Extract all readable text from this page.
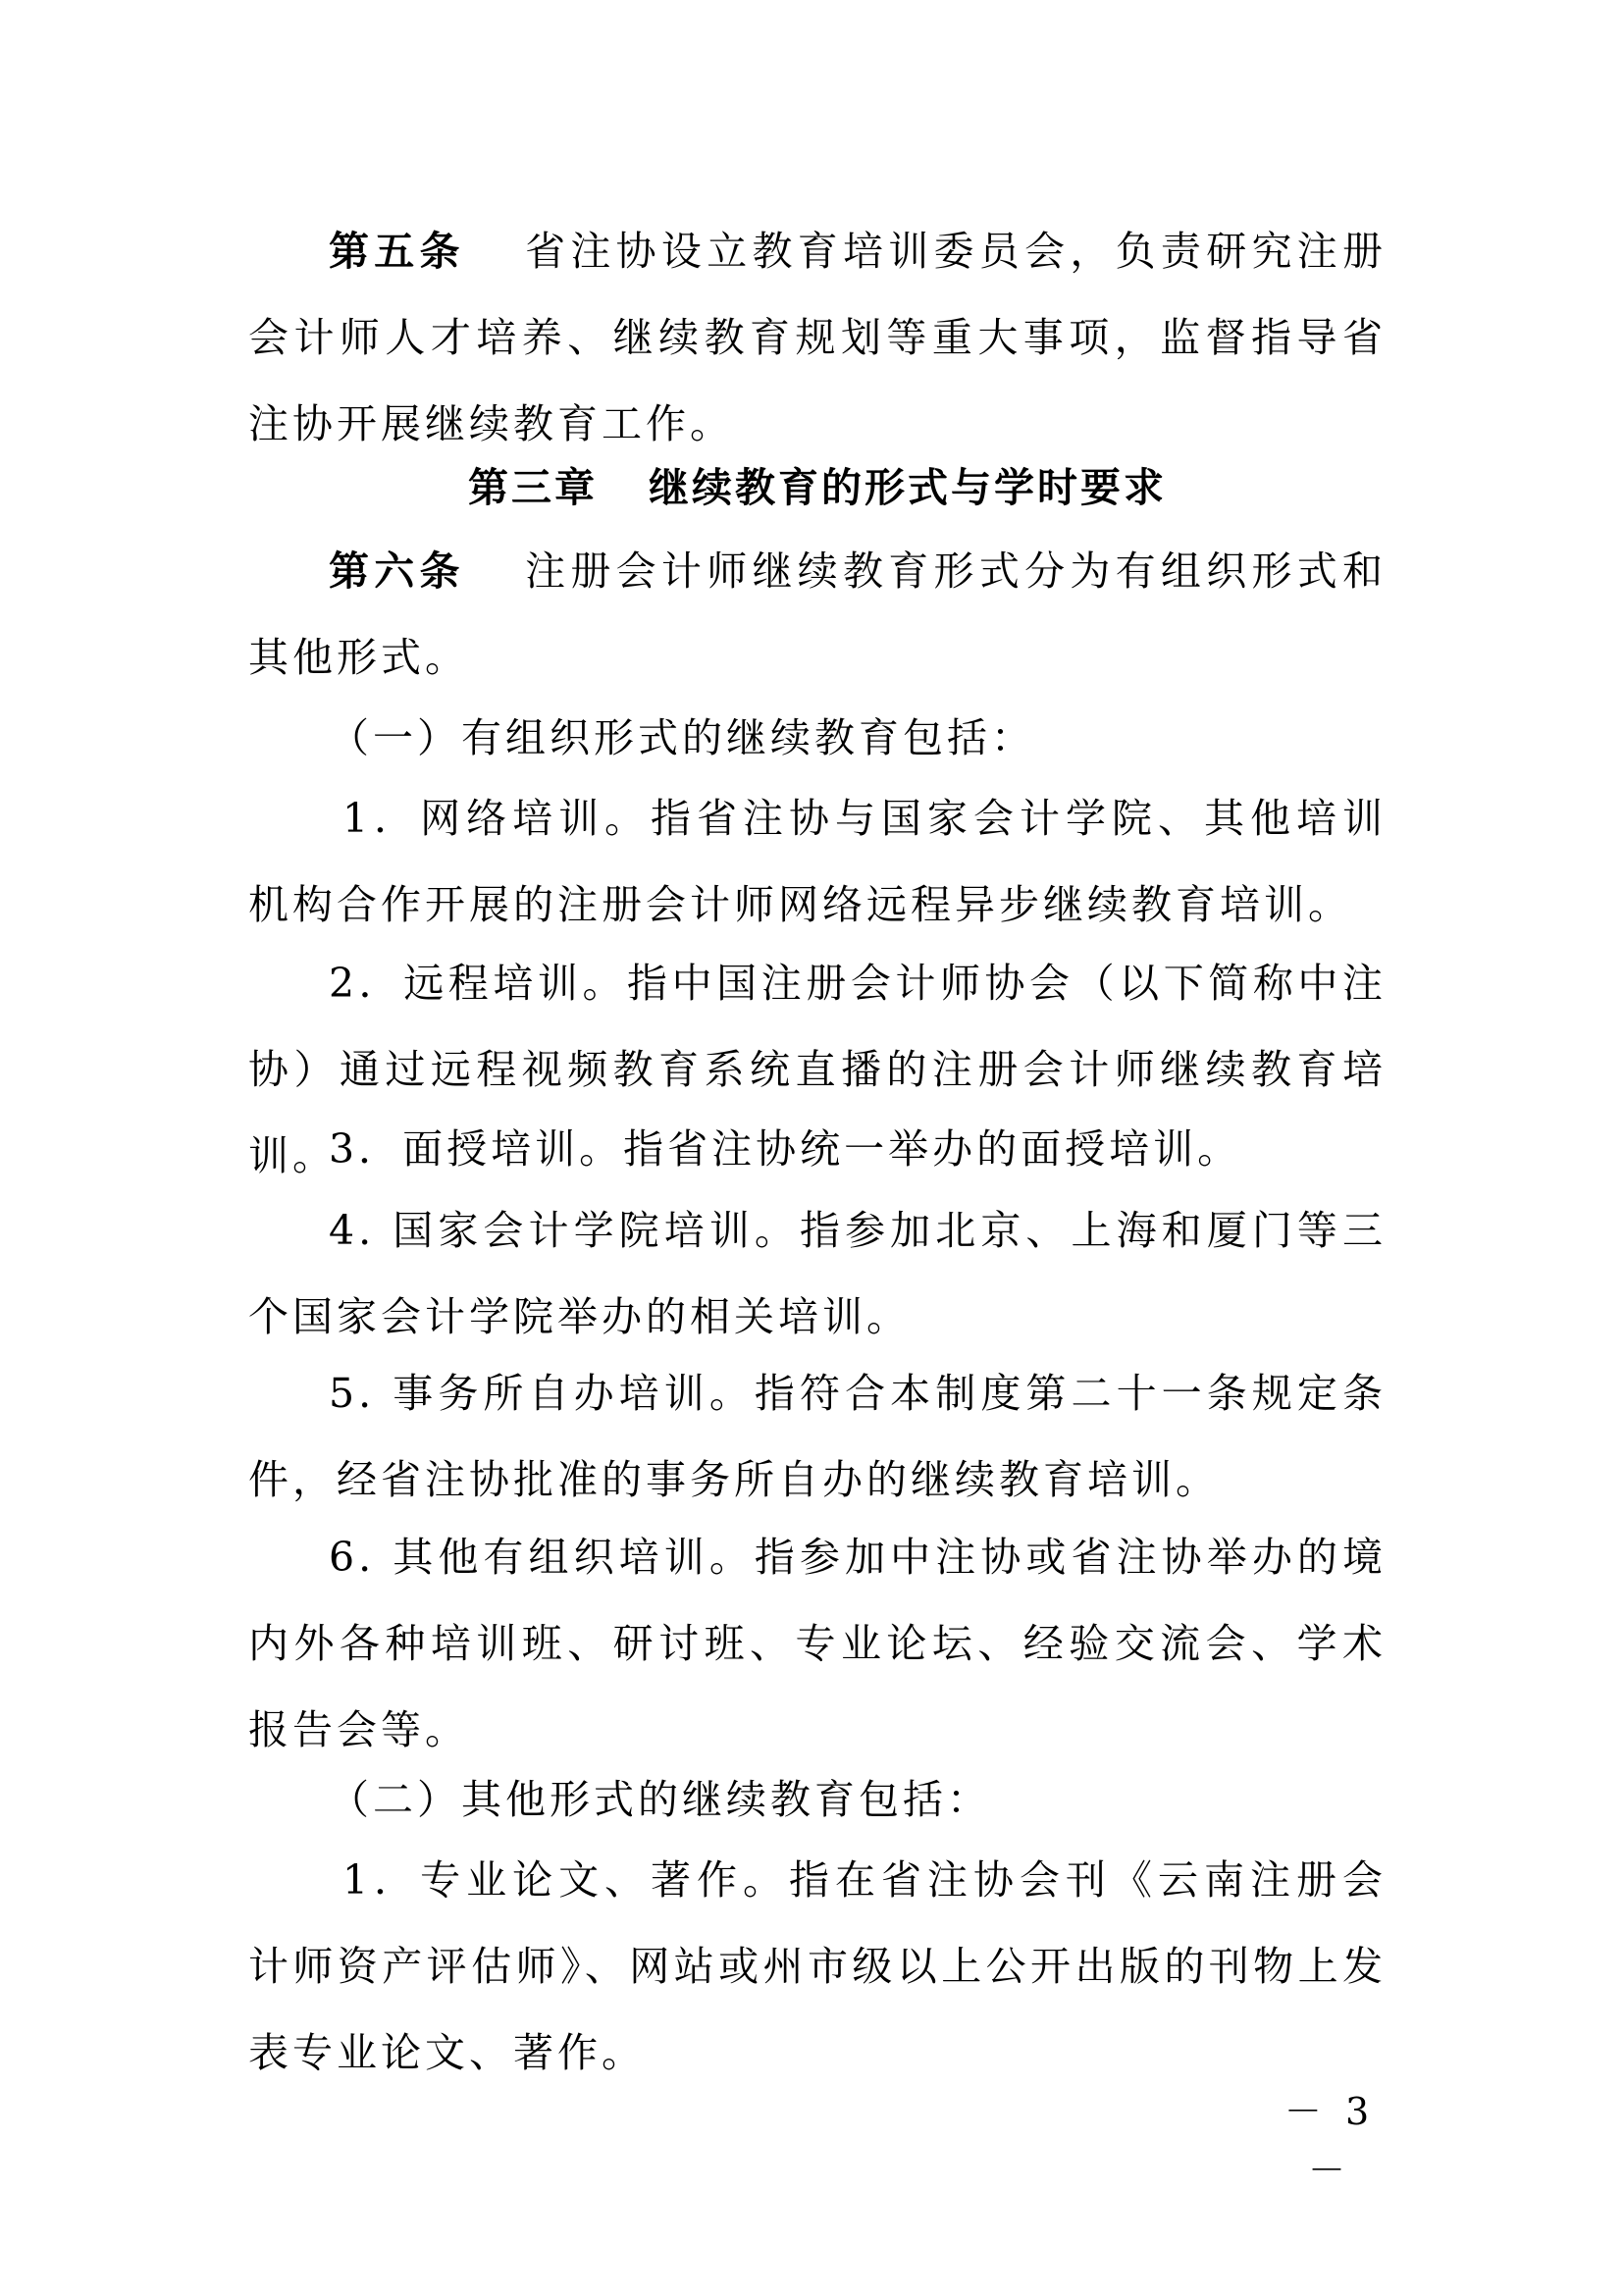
第五条 省注协设立教育培训委员会，负责研究注册会计师人才培养、继续教育规划等重大事项，监督指导省注协开展继续教育工作。

第三章 继续教育的形式与学时要求

第六条 注册会计师继续教育形式分为有组织形式和其他形式。

（一）有组织形式的继续教育包括：

1．网络培训。指省注协与国家会计学院、其他培训机构合作开展的注册会计师网络远程异步继续教育培训。

2．远程培训。指中国注册会计师协会（以下简称中注协）通过远程视频教育系统直播的注册会计师继续教育培训。

3．面授培训。指省注协统一举办的面授培训。

4. 国家会计学院培训。指参加北京、上海和厦门等三个国家会计学院举办的相关培训。

5. 事务所自办培训。指符合本制度第二十一条规定条件，经省注协批准的事务所自办的继续教育培训。

6. 其他有组织培训。指参加中注协或省注协举办的境内外各种培训班、研讨班、专业论坛、经验交流会、学术报告会等。

（二）其他形式的继续教育包括：

1．专业论文、著作。指在省注协会刊《云南注册会计师资产评估师》、网站或州市级以上公开出版的刊物上发表专业论文、著作。

－ 3 －
